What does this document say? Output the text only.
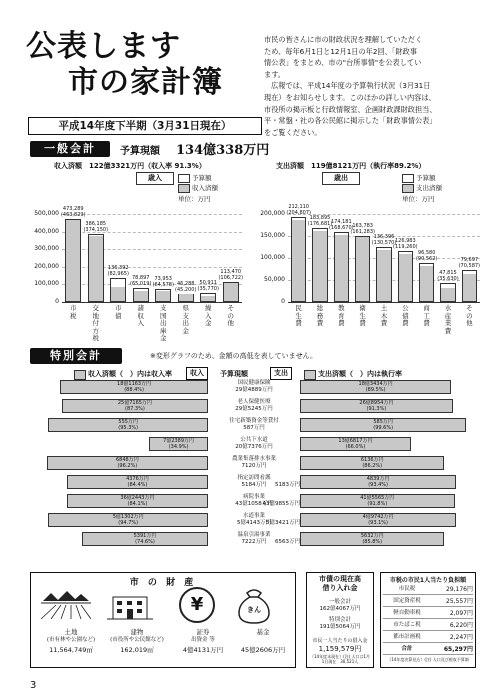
公表します
市の家計簿
市民の皆さんに市の財政状況を理解していただく
ため、毎年6月1日と12月1日の年2回、「財政事
情公表」をまとめ、市の"台所事情"を公表してい
ます。
広報では、平成14年度の予算執行状況（3月31日
現在）をお知らせします。このほかの詳しい内容は、
市役所の掲示板と行政情報室、企画財政課財政担当、
平・常盤・社の各公民館に掲示した「財政事情公表」
をご覧ください。
平成14年度下半期（3月31日現在）
一般会計	予算現額 134億338万円
収入済額　122億3321万円（収入率 91.3%）	支出済額　119億8121万円（執行率89.2%）
歳入	予算額
収入済額
単位：万円
500,000
400,000
300,000
200,000
100,000
0
473,289
(463,829)
市税
386,185
(374,150)
交地付方税
136,392
(82,965)
市債
78,897
(65,019)
諸収入
73,953
(64,578)
支国出庫金
46,288
(45,200)
県支出金
50,911
(35,770)
繰入金
113,470
(106,722)
その他
歳出	予算額
支出済額
単位：万円
200,000
150,000
100,000
50,000
0
212,110
(204,807)
民生費
183,895
(176,681)
総務費
174,181
(168,670)
教育費
163,783
(161,283)
衛生費
136,396
(130,570)
土木費
126,983
(119,260)
公債費
96,580
(90,562)
商工費
47,815
(35,630)
水産業費
79,697
(70,587)
その他
特別会計	※変形グラフのため、金額の高低を表していません。
収入済額（　）内は収入率	収入	予算現額	支出	支出済額（　）内は執行率
18億1163万円
(88.4%)
国民健康保険
29億4889万円
18億3434万円
(89.5%)
25億7165万円
(87.3%)
老人保健医療
29億5245万円
26億8954万円
(91.3%)
555万円
(95.3%)
住宅新築資金等貸付
587万円
585万円
(99.6%)
7億2389万円
(34.9%)
公共下水道
20億7376万円
13億6817万円
(66.0%)
6848万円
(96.2%)
農業集落排水事業
7120万円
6136万円
(86.2%)
4376万円
(84.4%)
指定訪問看護
5184万円
4839万円
(93.4%)
5183万円
36億2443万円
(84.1%)
病院事業
43億1058万円
41億5565万円
(91.8%)
43億9855万円
5億1302万円
(94.7%)
水道事業
5億4143万円
4億9742万円
(93.1%)
5億3421万円
5391万円
(74.6%)
温泉引湯事業
7222万円
5632万円
(85.8%)
6563万円
市 の 財 産
¥	きん
土地
(市有林や公園など)
11,564,749㎡
建物
(市役所や公民館など)
162,019㎡
証券
出資金 等
4億4131万円
基金
45億2606万円
市債の現在高
借り入れ金
一般会計
162億4067万円
特別会計
191億5064万円
市民一人当たりの借入金
1,159,579円
（14年度末現在）(注) 人口は1月1日現在　30,521人
市税の市民1人当たり負担額
市民税	29,176円
固定資産税	25,557円
軽自動車税	2,097円
市たばこ税	6,220円
都市計画税	2,247円
合計	65,297円
（14年度決算見込）(注) 人口及び税収予算額
3
